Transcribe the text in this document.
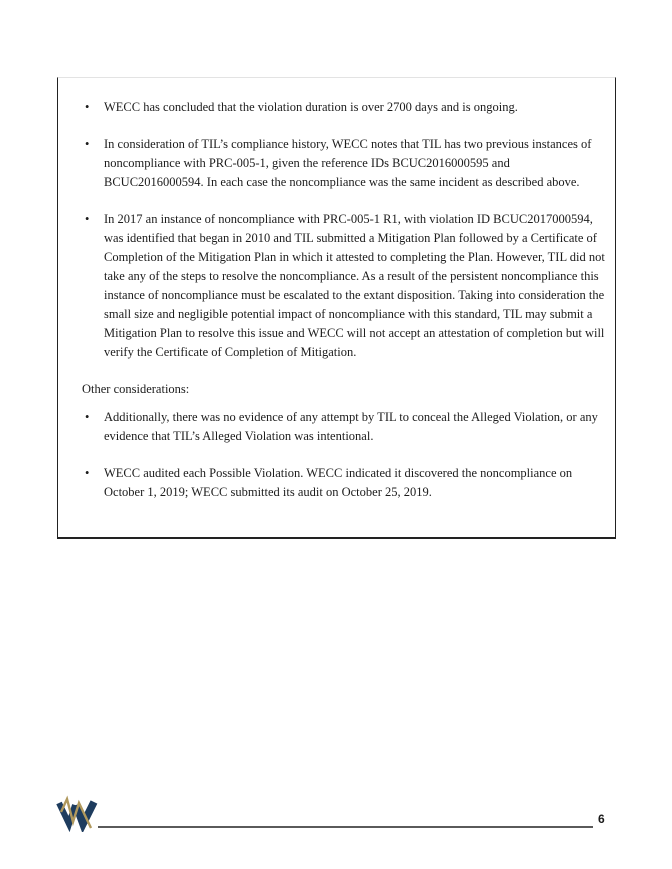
• WECC has concluded that the violation duration is over 2700 days and is ongoing.
• In consideration of TIL’s compliance history, WECC notes that TIL has two previous instances of noncompliance with PRC-005-1, given the reference IDs BCUC2016000595 and BCUC2016000594. In each case the noncompliance was the same incident as described above.
• In 2017 an instance of noncompliance with PRC-005-1 R1, with violation ID BCUC2017000594, was identified that began in 2010 and TIL submitted a Mitigation Plan followed by a Certificate of Completion of the Mitigation Plan in which it attested to completing the Plan. However, TIL did not take any of the steps to resolve the noncompliance. As a result of the persistent noncompliance this instance of noncompliance must be escalated to the extant disposition. Taking into consideration the small size and negligible potential impact of noncompliance with this standard, TIL may submit a Mitigation Plan to resolve this issue and WECC will not accept an attestation of completion but will verify the Certificate of Completion of Mitigation.

Other considerations:

• Additionally, there was no evidence of any attempt by TIL to conceal the Alleged Violation, or any evidence that TIL’s Alleged Violation was intentional.
• WECC audited each Possible Violation. WECC indicated it discovered the noncompliance on October 1, 2019; WECC submitted its audit on October 25, 2019.
6
